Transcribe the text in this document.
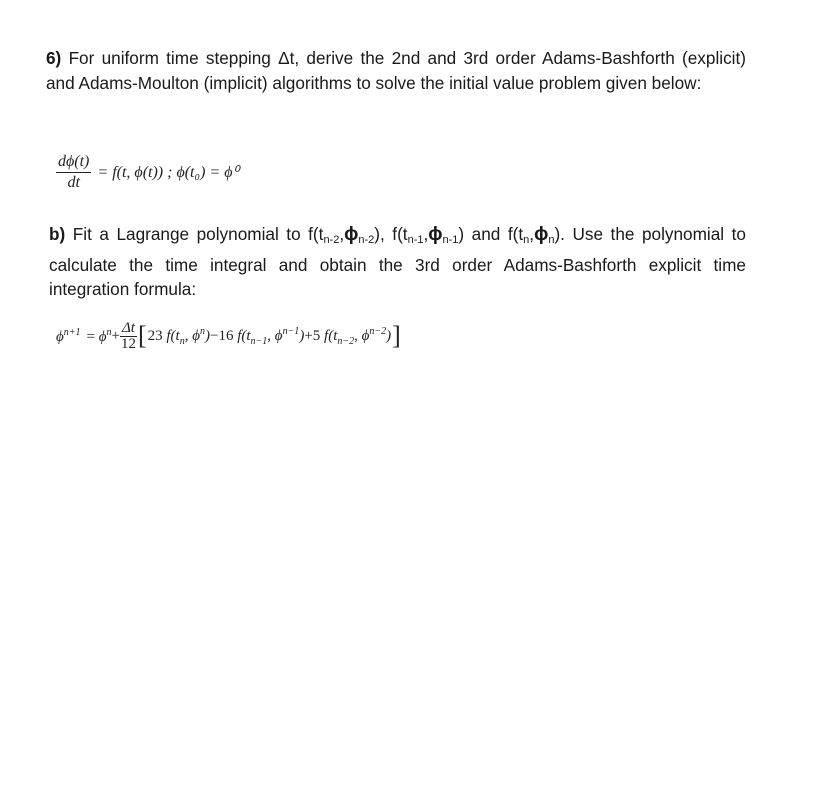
6) For uniform time stepping Δt, derive the 2nd and 3rd order Adams-Bashforth (explicit) and Adams-Moulton (implicit) algorithms to solve the initial value problem given below:
$\frac{d\phi(t)}{dt} = f(t$, ϕ(t)) ; ϕ(t₀) = ϕ⁰
b) Fit a Lagrange polynomial to $f(t_{n-2},\phi_{n-2})$, $f(t_{n-1},\phi_{n-1})$ and $f(t_n,\phi_n)$. Use the polynomial to calculate the time integral and obtain the 3rd order Adams-Bashforth explicit time integration formula:
$\phi^{n+1} = \phi^n + \frac{\Delta t}{12}$ [ 23 $f(t_n$, $\phi^n)-16$ $f(t_{n-1}$, $\phi^{n-1})+5$ $f(t_{n-2}$, $\phi^{n-2}$) ]
